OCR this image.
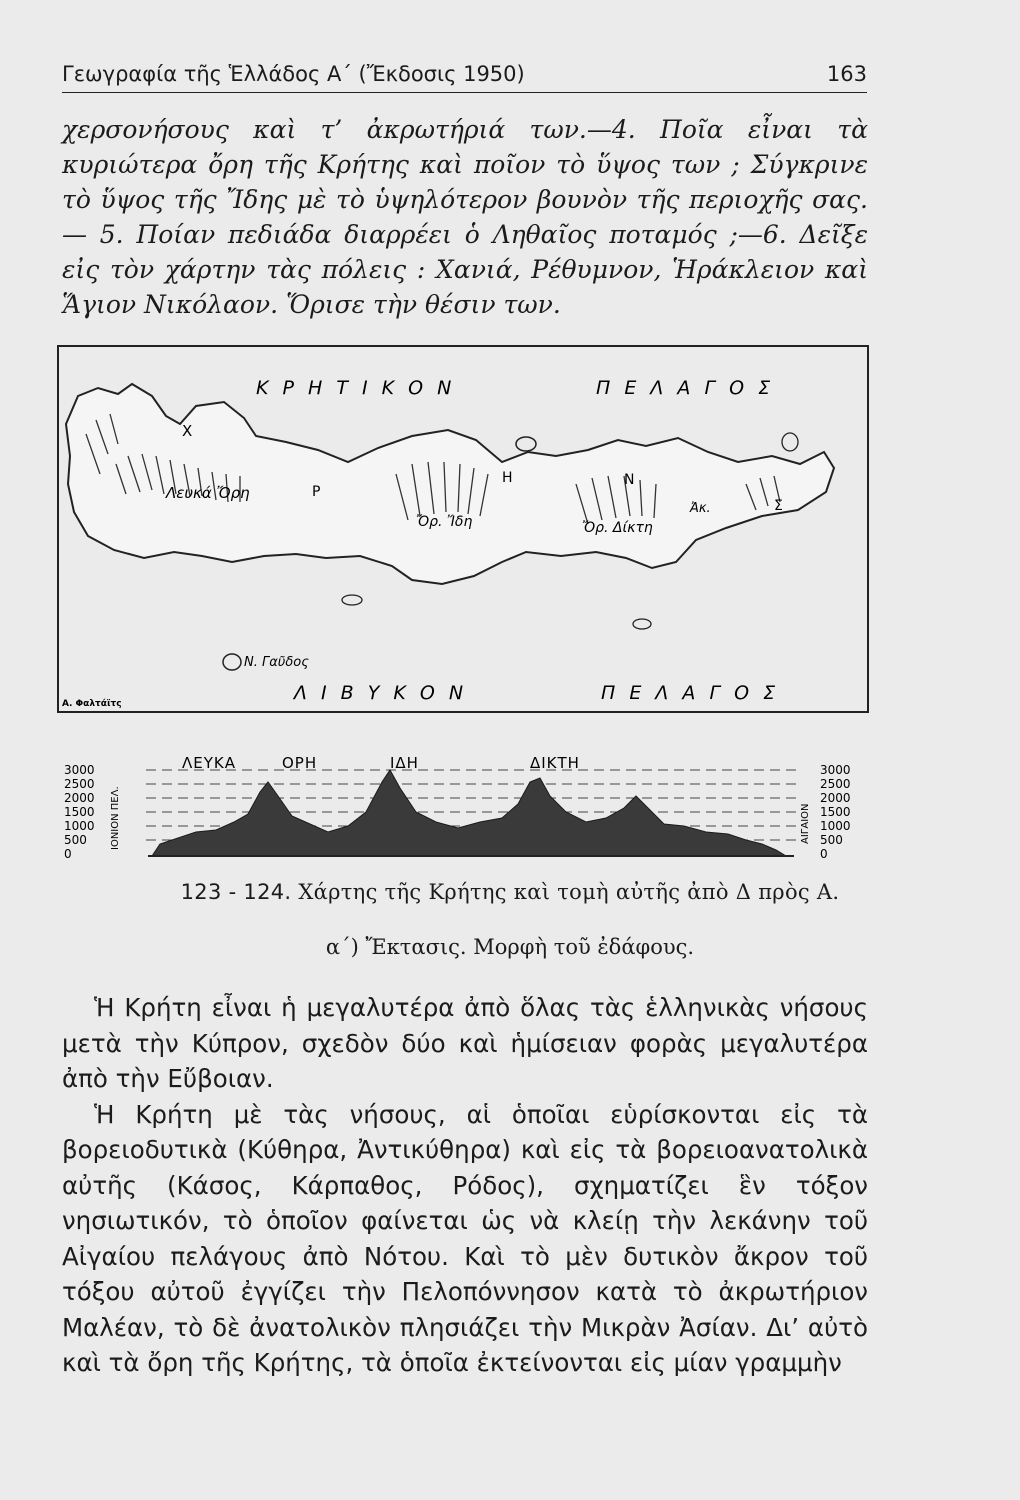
Γεωγραφία τῆς Ἑλλάδος Α΄ (Ἔκδοσις 1950)	163

χερσονήσους καὶ τ’ ἀκρωτήριά των.—4. Ποῖα εἶναι τὰ κυριώτερα ὄρη τῆς Κρήτης καὶ ποῖον τὸ ὕψος των ; Σύγκρινε τὸ ὕψος τῆς Ἴδης μὲ τὸ ὑψηλότερον βουνὸν τῆς περιοχῆς σας.— 5. Ποίαν πεδιάδα διαρρέει ὁ Ληθαῖος ποταμός ;—6. Δεῖξε εἰς τὸν χάρτην τὰς πόλεις : Χανιά, Ρέθυμνον, Ἡράκλειον καὶ Ἅγιον Νικόλαον. Ὅρισε τὴν θέσιν των.

Κ Ρ Η Τ Ι Κ Ο Ν	Π Ε Λ Α Γ Ο Σ
Λ Ι Β Υ Κ Ο Ν	Π Ε Λ Α Γ Ο Σ
Λευκά Ὄρη
Ὄρ. Ἴδη	Ὄρ. Δίκτη
Χ
Ρ
Η	Ν
Σ
Ἀκ.
Ν. Γαῦδος
Α. Φαλτάϊτς
3000
2500
2000
1500
1000
500
0
ΙΟΝΙΟΝ ΠΕΛ.
3000
2500
2000
1500
1000
500
0
ΑΙΓΑΙΟΝ
ΛΕΥΚΑ	ΟΡΗ	ΙΔΗ	ΔΙΚΤΗ
123 - 124. Χάρτης τῆς Κρήτης καὶ τομὴ αὐτῆς ἀπὸ Δ πρὸς Α.
α΄) Ἔκτασις. Μορφὴ τοῦ ἐδάφους.

Ἡ Κρήτη εἶναι ἡ μεγαλυτέρα ἀπὸ ὅλας τὰς ἑλληνικὰς νήσους μετὰ τὴν Κύπρον, σχεδὸν δύο καὶ ἡμίσειαν φορὰς μεγαλυτέρα ἀπὸ τὴν Εὔβοιαν.

Ἡ Κρήτη μὲ τὰς νήσους, αἱ ὁποῖαι εὑρίσκονται εἰς τὰ βορειοδυτικὰ (Κύθηρα, Ἀντικύθηρα) καὶ εἰς τὰ βορειοανατολικὰ αὐτῆς (Κάσος, Κάρπαθος, Ρόδος), σχηματίζει ἓν τόξον νησιωτικόν, τὸ ὁποῖον φαίνεται ὡς νὰ κλείῃ τὴν λεκάνην τοῦ Αἰγαίου πελάγους ἀπὸ Νότου. Καὶ τὸ μὲν δυτικὸν ἄκρον τοῦ τόξου αὐτοῦ ἐγγίζει τὴν Πελοπόννησον κατὰ τὸ ἀκρωτήριον Μαλέαν, τὸ δὲ ἀνατολικὸν πλησιάζει τὴν Μικρὰν Ἀσίαν. Δι’ αὐτὸ καὶ τὰ ὄρη τῆς Κρήτης, τὰ ὁποῖα ἐκτείνονται εἰς μίαν γραμμὴν
